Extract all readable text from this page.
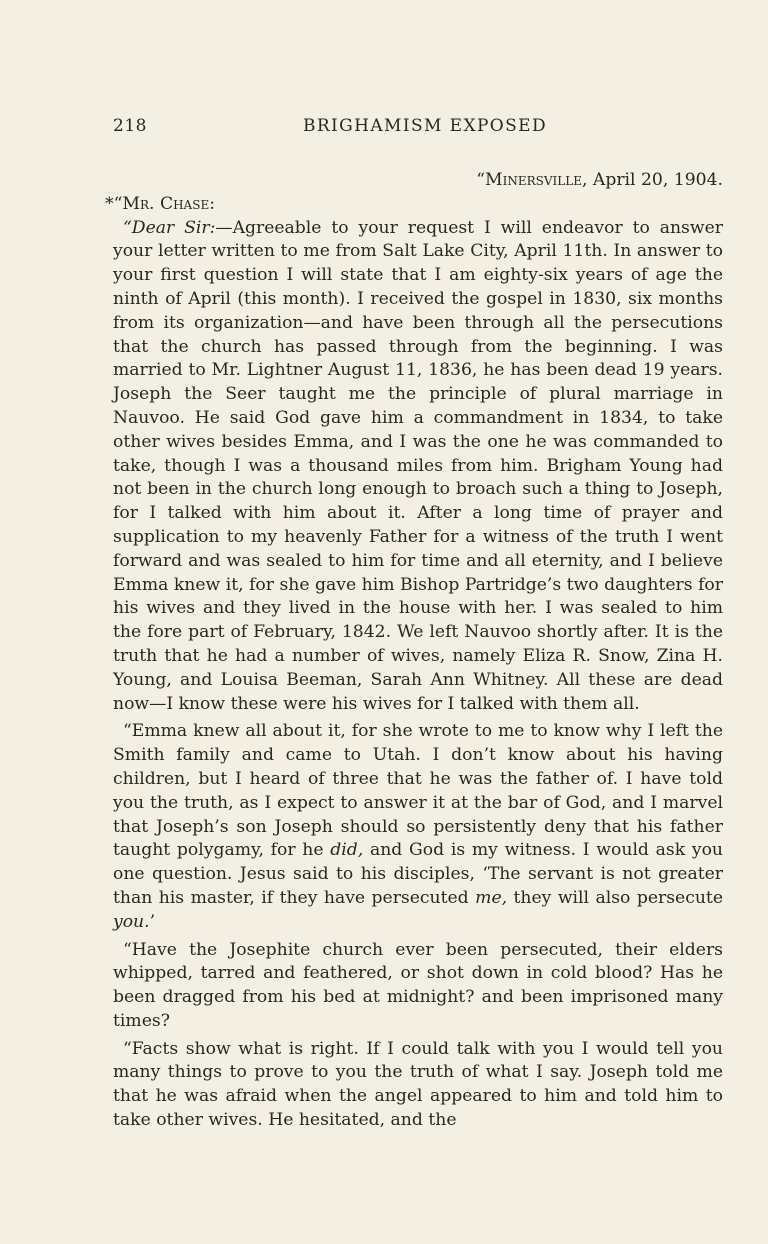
218	BRIGHAMISM EXPOSED

“Minersville, April 20, 1904.

*“Mr. Chase:

“Dear Sir:—Agreeable to your request I will endeavor to answer your letter written to me from Salt Lake City, April 11th. In answer to your first question I will state that I am eighty-six years of age the ninth of April (this month). I received the gospel in 1830, six months from its organization—and have been through all the persecutions that the church has passed through from the beginning. I was married to Mr. Lightner August 11, 1836, he has been dead 19 years. Joseph the Seer taught me the principle of plural marriage in Nauvoo. He said God gave him a commandment in 1834, to take other wives besides Emma, and I was the one he was commanded to take, though I was a thousand miles from him. Brigham Young had not been in the church long enough to broach such a thing to Joseph, for I talked with him about it. After a long time of prayer and supplication to my heavenly Father for a witness of the truth I went forward and was sealed to him for time and all eternity, and I believe Emma knew it, for she gave him Bishop Partridge’s two daughters for his wives and they lived in the house with her. I was sealed to him the fore part of February, 1842. We left Nauvoo shortly after. It is the truth that he had a number of wives, namely Eliza R. Snow, Zina H. Young, and Louisa Beeman, Sarah Ann Whitney. All these are dead now—I know these were his wives for I talked with them all.

“Emma knew all about it, for she wrote to me to know why I left the Smith family and came to Utah. I don’t know about his having children, but I heard of three that he was the father of. I have told you the truth, as I expect to answer it at the bar of God, and I marvel that Joseph’s son Joseph should so persistently deny that his father taught polygamy, for he did, and God is my witness. I would ask you one question. Jesus said to his disciples, ‘The servant is not greater than his master, if they have persecuted me, they will also persecute you.’

“Have the Josephite church ever been persecuted, their elders whipped, tarred and feathered, or shot down in cold blood? Has he been dragged from his bed at midnight? and been imprisoned many times?

“Facts show what is right. If I could talk with you I would tell you many things to prove to you the truth of what I say. Joseph told me that he was afraid when the angel appeared to him and told him to take other wives. He hesitated, and the
